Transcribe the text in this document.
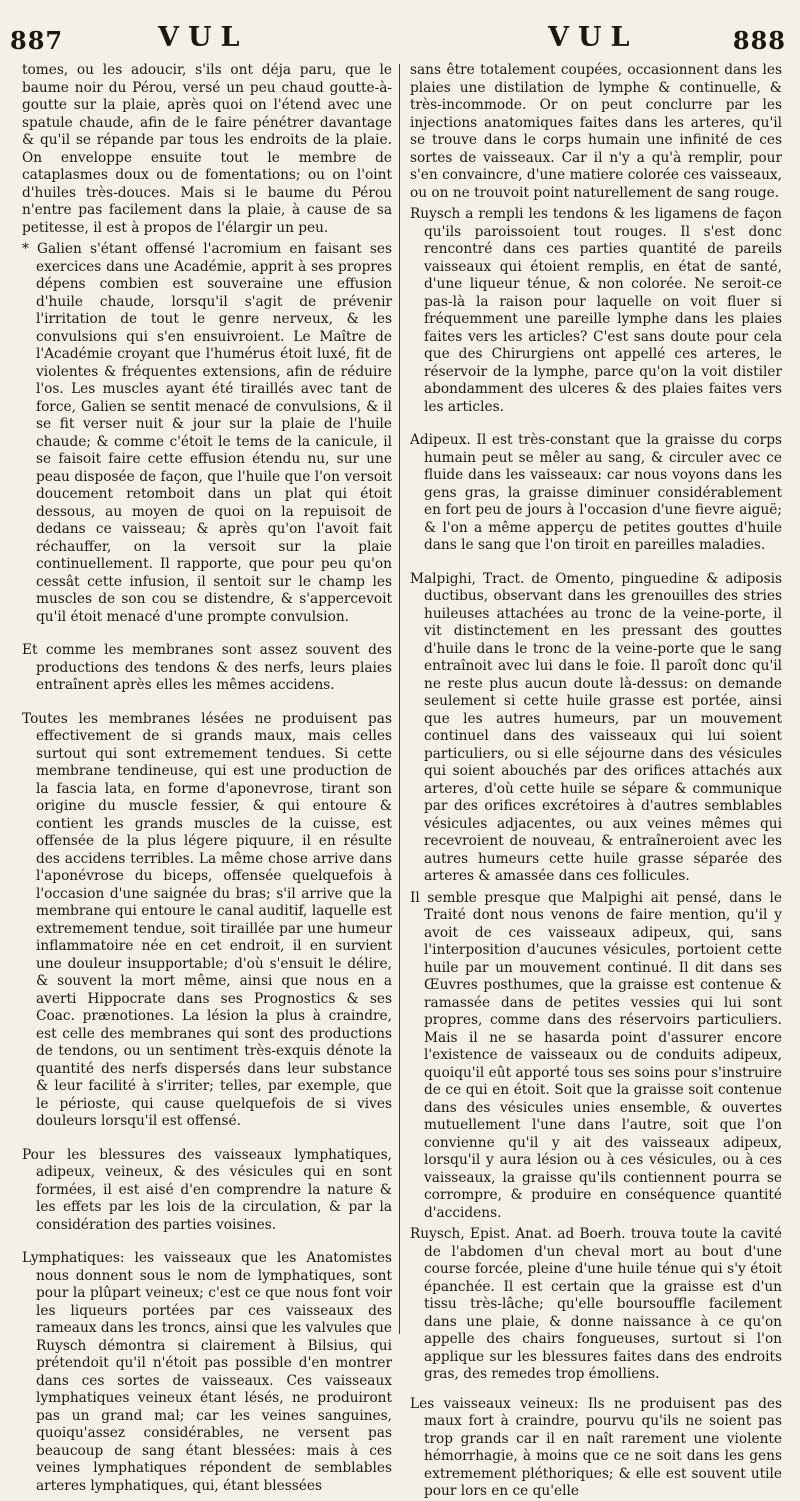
887	VUL	VUL	888

tomes, ou les adoucir, s'ils ont déja paru, que le baume noir du Pérou, versé un peu chaud goutte-à-goutte sur la plaie, après quoi on l'étend avec une spatule chaude, afin de le faire pénétrer davantage & qu'il se répande par tous les endroits de la plaie. On enveloppe ensuite tout le membre de cataplasmes doux ou de fomentations; ou on l'oint d'huiles très-douces. Mais si le baume du Pérou n'entre pas facilement dans la plaie, à cause de sa petitesse, il est à propos de l'élargir un peu.

* Galien s'étant offensé l'acromium en faisant ses exercices dans une Académie, apprit à ses propres dépens combien est souveraine une effusion d'huile chaude, lorsqu'il s'agit de prévenir l'irritation de tout le genre nerveux, & les convulsions qui s'en ensuivroient. Le Maître de l'Académie croyant que l'humérus étoit luxé, fit de violentes & fréquentes extensions, afin de réduire l'os. Les muscles ayant été tiraillés avec tant de force, Galien se sentit menacé de convulsions, & il se fit verser nuit & jour sur la plaie de l'huile chaude; & comme c'étoit le tems de la canicule, il se faisoit faire cette effusion étendu nu, sur une peau disposée de façon, que l'huile que l'on versoit doucement retomboit dans un plat qui étoit dessous, au moyen de quoi on la repuisoit de dedans ce vaisseau; & après qu'on l'avoit fait réchauffer, on la versoit sur la plaie continuellement. Il rapporte, que pour peu qu'on cessât cette infusion, il sentoit sur le champ les muscles de son cou se distendre, & s'appercevoit qu'il étoit menacé d'une prompte convulsion.

Et comme les membranes sont assez souvent des productions des tendons & des nerfs, leurs plaies entraînent après elles les mêmes accidens.

Toutes les membranes lésées ne produisent pas effectivement de si grands maux, mais celles surtout qui sont extremement tendues. Si cette membrane tendineuse, qui est une production de la fascia lata, en forme d'aponevrose, tirant son origine du muscle fessier, & qui entoure & contient les grands muscles de la cuisse, est offensée de la plus légere piquure, il en résulte des accidens terribles. La même chose arrive dans l'aponévrose du biceps, offensée quelquefois à l'occasion d'une saignée du bras; s'il arrive que la membrane qui entoure le canal auditif, laquelle est extremement tendue, soit tiraillée par une humeur inflammatoire née en cet endroit, il en survient une douleur insupportable; d'où s'ensuit le délire, & souvent la mort même, ainsi que nous en a averti Hippocrate dans ses Prognostics & ses Coac. prænotiones. La lésion la plus à craindre, est celle des membranes qui sont des productions de tendons, ou un sentiment très-exquis dénote la quantité des nerfs dispersés dans leur substance & leur facilité à s'irriter; telles, par exemple, que le périoste, qui cause quelquefois de si vives douleurs lorsqu'il est offensé.

Pour les blessures des vaisseaux lymphatiques, adipeux, veineux, & des vésicules qui en sont formées, il est aisé d'en comprendre la nature & les effets par les lois de la circulation, & par la considération des parties voisines.

Lymphatiques: les vaisseaux que les Anatomistes nous donnent sous le nom de lymphatiques, sont pour la plûpart veineux; c'est ce que nous font voir les liqueurs portées par ces vaisseaux des rameaux dans les troncs, ainsi que les valvules que Ruysch démontra si clairement à Bilsius, qui prétendoit qu'il n'étoit pas possible d'en montrer dans ces sortes de vaisseaux. Ces vaisseaux lymphatiques veineux étant lésés, ne produiront pas un grand mal; car les veines sanguines, quoiqu'assez considérables, ne versent pas beaucoup de sang étant blessées: mais à ces veines lymphatiques répondent de semblables arteres lymphatiques, qui, étant blessées

sans être totalement coupées, occasionnent dans les plaies une distilation de lymphe & continuelle, & très-incommode. Or on peut conclurre par les injections anatomiques faites dans les arteres, qu'il se trouve dans le corps humain une infinité de ces sortes de vaisseaux. Car il n'y a qu'à remplir, pour s'en convaincre, d'une matiere colorée ces vaisseaux, ou on ne trouvoit point naturellement de sang rouge.

Ruysch a rempli les tendons & les ligamens de façon qu'ils paroissoient tout rouges. Il s'est donc rencontré dans ces parties quantité de pareils vaisseaux qui étoient remplis, en état de santé, d'une liqueur ténue, & non colorée. Ne seroit-ce pas-là la raison pour laquelle on voit fluer si fréquemment une pareille lymphe dans les plaies faites vers les articles? C'est sans doute pour cela que des Chirurgiens ont appellé ces arteres, le réservoir de la lymphe, parce qu'on la voit distiler abondamment des ulceres & des plaies faites vers les articles.

Adipeux. Il est très-constant que la graisse du corps humain peut se mêler au sang, & circuler avec ce fluide dans les vaisseaux: car nous voyons dans les gens gras, la graisse diminuer considérablement en fort peu de jours à l'occasion d'une fievre aiguë; & l'on a même apperçu de petites gouttes d'huile dans le sang que l'on tiroit en pareilles maladies.

Malpighi, Tract. de Omento, pinguedine & adiposis ductibus, observant dans les grenouilles des stries huileuses attachées au tronc de la veine-porte, il vit distinctement en les pressant des gouttes d'huile dans le tronc de la veine-porte que le sang entraînoit avec lui dans le foie. Il paroît donc qu'il ne reste plus aucun doute là-dessus: on demande seulement si cette huile grasse est portée, ainsi que les autres humeurs, par un mouvement continuel dans des vaisseaux qui lui soient particuliers, ou si elle séjourne dans des vésicules qui soient abouchés par des orifices attachés aux arteres, d'où cette huile se sépare & communique par des orifices excrétoires à d'autres semblables vésicules adjacentes, ou aux veines mêmes qui recevroient de nouveau, & entraîneroient avec les autres humeurs cette huile grasse séparée des arteres & amassée dans ces follicules.

Il semble presque que Malpighi ait pensé, dans le Traité dont nous venons de faire mention, qu'il y avoit de ces vaisseaux adipeux, qui, sans l'interposition d'aucunes vésicules, portoient cette huile par un mouvement continué. Il dit dans ses Œuvres posthumes, que la graisse est contenue & ramassée dans de petites vessies qui lui sont propres, comme dans des réservoirs particuliers. Mais il ne se hasarda point d'assurer encore l'existence de vaisseaux ou de conduits adipeux, quoiqu'il eût apporté tous ses soins pour s'instruire de ce qui en étoit. Soit que la graisse soit contenue dans des vésicules unies ensemble, & ouvertes mutuellement l'une dans l'autre, soit que l'on convienne qu'il y ait des vaisseaux adipeux, lorsqu'il y aura lésion ou à ces vésicules, ou à ces vaisseaux, la graisse qu'ils contiennent pourra se corrompre, & produire en conséquence quantité d'accidens.

Ruysch, Epist. Anat. ad Boerh. trouva toute la cavité de l'abdomen d'un cheval mort au bout d'une course forcée, pleine d'une huile ténue qui s'y étoit épanchée. Il est certain que la graisse est d'un tissu très-lâche; qu'elle boursouffle facilement dans une plaie, & donne naissance à ce qu'on appelle des chairs fongueuses, surtout si l'on applique sur les blessures faites dans des endroits gras, des remedes trop émolliens.

Les vaisseaux veineux: Ils ne produisent pas des maux fort à craindre, pourvu qu'ils ne soient pas trop grands car il en naît rarement une violente hémorrhagie, à moins que ce ne soit dans les gens extremement pléthoriques; & elle est souvent utile pour lors en ce qu'elle
